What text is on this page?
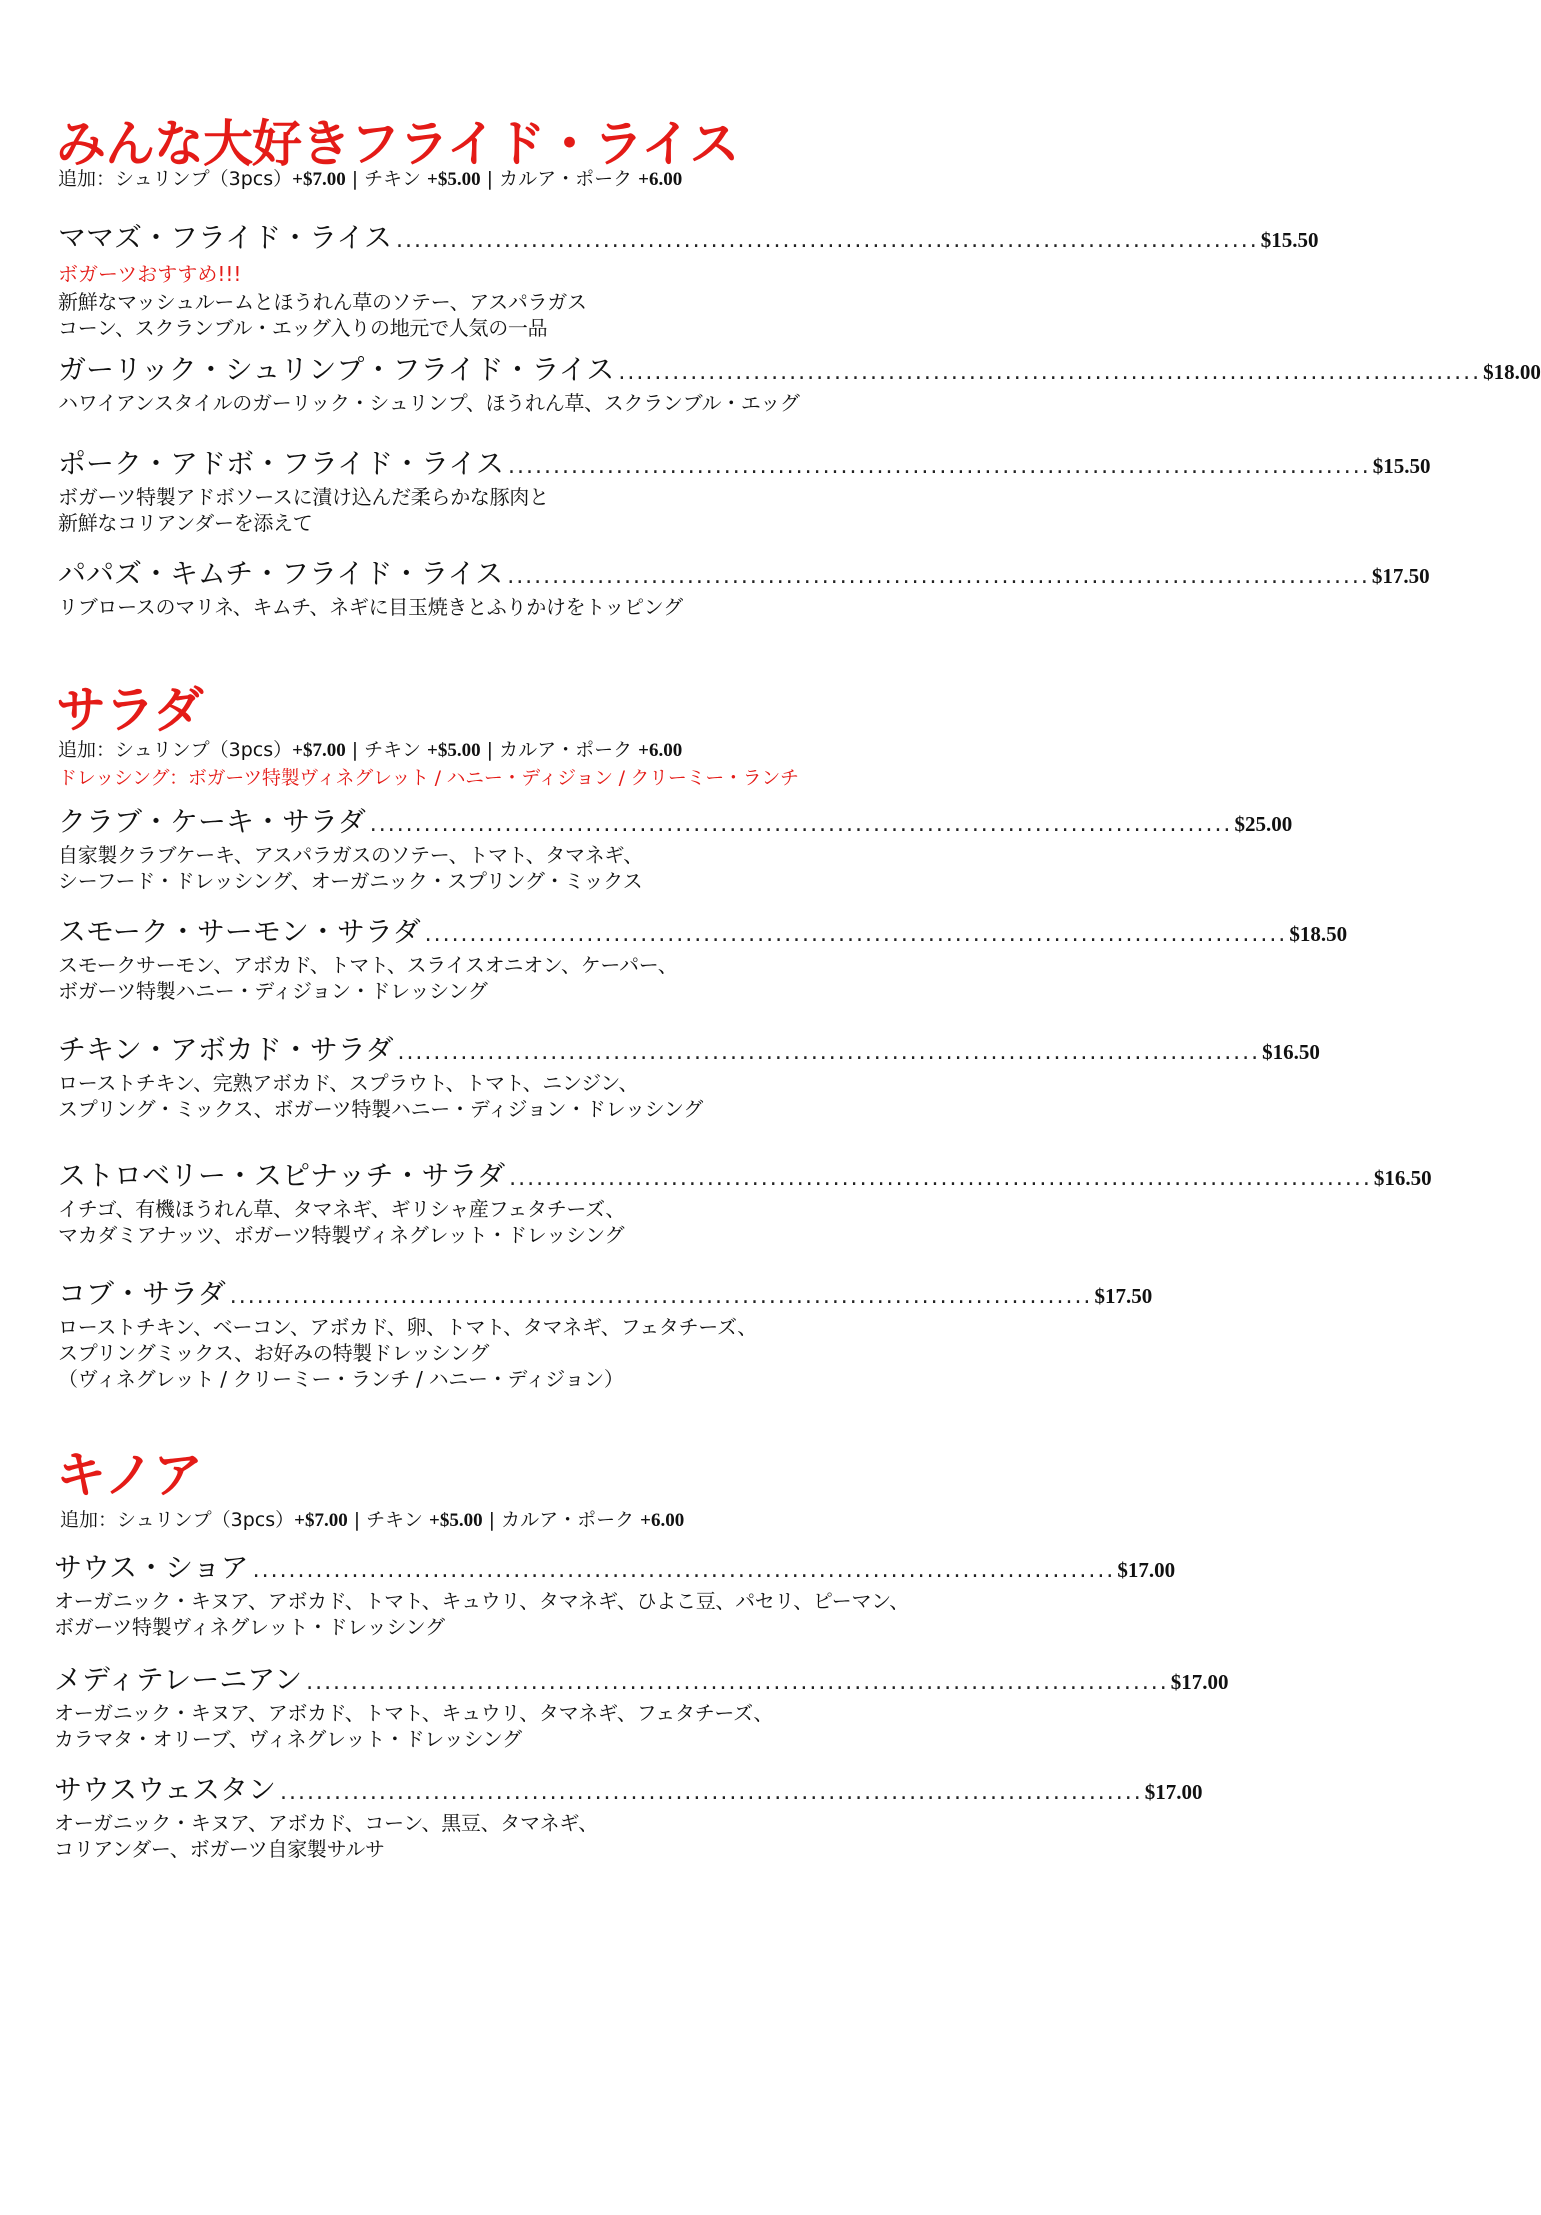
みんな大好きフライド・ライス
追加：シュリンプ（3pcs）+$7.00 | チキン +$5.00 | カルア・ポーク +6.00
ママズ・フライド・ライス . . .	$15.50
ボガーツおすすめ!!!
新鮮なマッシュルームとほうれん草のソテー、アスパラガス
コーン、スクランブル・エッグ入りの地元で人気の一品
ガーリック・シュリンプ・フライド・ライス . . .	$18.00
ハワイアンスタイルのガーリック・シュリンプ、ほうれん草、スクランブル・エッグ
ポーク・アドボ・フライド・ライス . . .	$15.50
ボガーツ特製アドボソースに漬け込んだ柔らかな豚肉と
新鮮なコリアンダーを添えて
パパズ・キムチ・フライド・ライス . . .	$17.50
リブロースのマリネ、キムチ、ネギに目玉焼きとふりかけをトッピング
サラダ
追加：シュリンプ（3pcs）+$7.00 | チキン +$5.00 | カルア・ポーク +6.00
ドレッシング：ボガーツ特製ヴィネグレット / ハニー・ディジョン / クリーミー・ランチ
クラブ・ケーキ・サラダ . . .	$25.00
自家製クラブケーキ、アスパラガスのソテー、トマト、タマネギ、
シーフード・ドレッシング、オーガニック・スプリング・ミックス
スモーク・サーモン・サラダ . . .	$18.50
スモークサーモン、アボカド、トマト、スライスオニオン、ケーパー、
ボガーツ特製ハニー・ディジョン・ドレッシング
チキン・アボカド・サラダ . . .	$16.50
ローストチキン、完熟アボカド、スプラウト、トマト、ニンジン、
スプリング・ミックス、ボガーツ特製ハニー・ディジョン・ドレッシング
ストロベリー・スピナッチ・サラダ . . .	$16.50
イチゴ、有機ほうれん草、タマネギ、ギリシャ産フェタチーズ、
マカダミアナッツ、ボガーツ特製ヴィネグレット・ドレッシング
コブ・サラダ . . .	$17.50
ローストチキン、ベーコン、アボカド、卵、トマト、タマネギ、フェタチーズ、
スプリングミックス、お好みの特製ドレッシング
（ヴィネグレット / クリーミー・ランチ / ハニー・ディジョン）
キノア
追加：シュリンプ（3pcs）+$7.00 | チキン +$5.00 | カルア・ポーク +6.00
サウス・ショア . . .	$17.00
オーガニック・キヌア、アボカド、トマト、キュウリ、タマネギ、ひよこ豆、パセリ、ピーマン、
ボガーツ特製ヴィネグレット・ドレッシング
メディテレーニアン . . .	$17.00
オーガニック・キヌア、アボカド、トマト、キュウリ、タマネギ、フェタチーズ、
カラマタ・オリーブ、ヴィネグレット・ドレッシング
サウスウェスタン . . .	$17.00
オーガニック・キヌア、アボカド、コーン、黒豆、タマネギ、
コリアンダー、ボガーツ自家製サルサ
